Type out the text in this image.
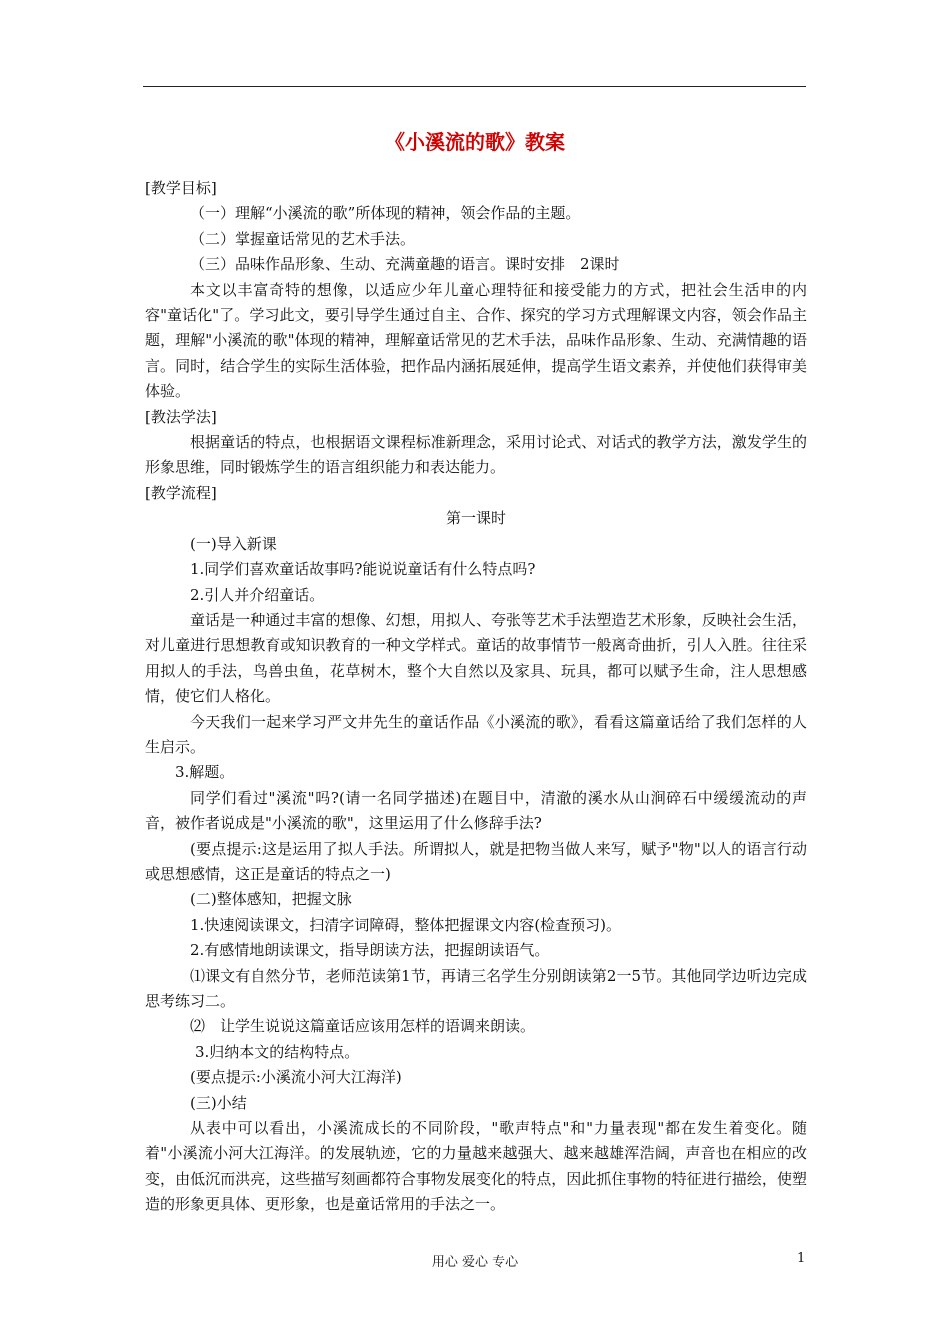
《小溪流的歌》教案

[教学目标]

（一）理解“小溪流的歌”所体现的精神，领会作品的主题。

（二）掌握童话常见的艺术手法。

（三）品味作品形象、生动、充满童趣的语言。课时安排　2课时

本文以丰富奇特的想像，以适应少年儿童心理特征和接受能力的方式，把社会生活申的内容"童话化"了。学习此文，要引导学生通过自主、合作、探究的学习方式理解课文内容，领会作品主题，理解"小溪流的歌"体现的精神，理解童话常见的艺术手法，品味作品形象、生动、充满情趣的语言。同时，结合学生的实际生活体验，把作品内涵拓展延伸，提高学生语文素养，并使他们获得审美体验。

[教法学法]

根据童话的特点，也根据语文课程标准新理念，采用讨论式、对话式的教学方法，激发学生的形象思维，同时锻炼学生的语言组织能力和表达能力。

[教学流程]

第一课时

(一)导入新课

1.同学们喜欢童话故事吗?能说说童话有什么特点吗?

2.引人并介绍童话。

童话是一种通过丰富的想像、幻想，用拟人、夸张等艺术手法塑造艺术形象，反映社会生活，对儿童进行思想教育或知识教育的一种文学样式。童话的故事情节一般离奇曲折，引人入胜。往往采用拟人的手法，鸟兽虫鱼，花草树木，整个大自然以及家具、玩具，都可以赋予生命，注人思想感情，使它们人格化。

今天我们一起来学习严文井先生的童话作品《小溪流的歌》，看看这篇童话给了我们怎样的人生启示。

3.解题。

同学们看过"溪流"吗?(请一名同学描述)在题目中，清澈的溪水从山涧碎石中缓缓流动的声音，被作者说成是"小溪流的歌"，这里运用了什么修辞手法?

(要点提示:这是运用了拟人手法。所谓拟人，就是把物当做人来写，赋予"物"以人的语言行动或思想感情，这正是童话的特点之一)

(二)整体感知，把握文脉

1.快速阅读课文，扫清字词障碍，整体把握课文内容(检查预习)。

2.有感情地朗读课文，指导朗读方法，把握朗读语气。

⑴课文有自然分节，老师范读第1节，再请三名学生分别朗读第2一5节。其他同学边听边完成思考练习二。

⑵　让学生说说这篇童话应该用怎样的语调来朗读。

3.归纳本文的结构特点。

(要点提示:小溪流小河大江海洋)

(三)小结

从表中可以看出，小溪流成长的不同阶段，"歌声特点"和"力量表现"都在发生着变化。随着"小溪流小河大江海洋。的发展轨迹，它的力量越来越强大、越来越雄浑浩阔，声音也在相应的改变，由低沉而洪亮，这些描写刻画都符合事物发展变化的特点，因此抓住事物的特征进行描绘，使塑造的形象更具体、更形象，也是童话常用的手法之一。

用心 爱心 专心	1
